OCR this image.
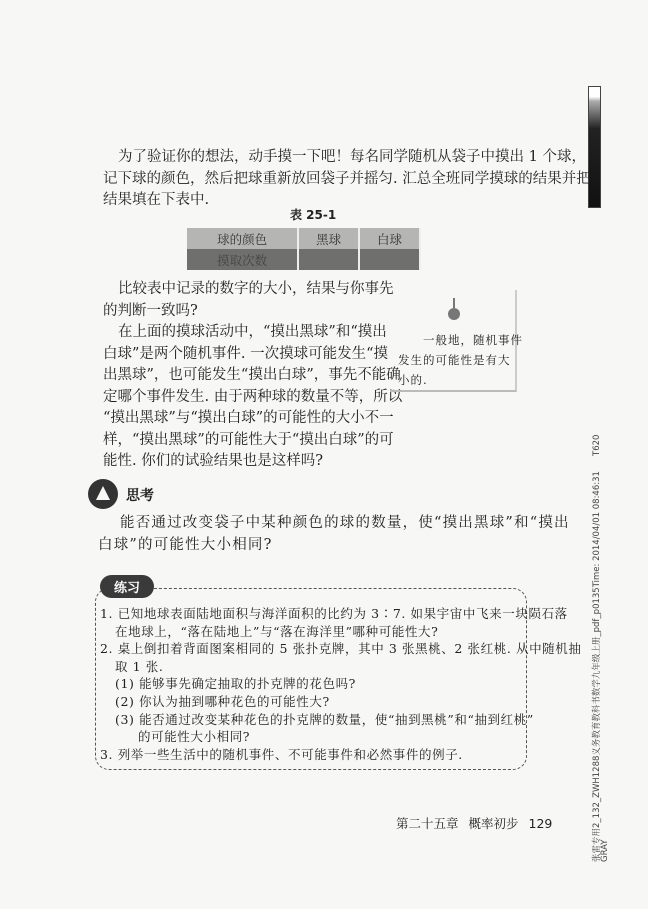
为了验证你的想法，动手摸一下吧！每名同学随机从袋子中摸出 1 个球，
记下球的颜色，然后把球重新放回袋子并摇匀. 汇总全班同学摸球的结果并把
结果填在下表中.
表 25-1
球的颜色	黑球	白球
摸取次数		
比较表中记录的数字的大小，结果与你事先
的判断一致吗?
在上面的摸球活动中，“摸出黑球”和“摸出
白球”是两个随机事件. 一次摸球可能发生“摸
出黑球”，也可能发生“摸出白球”，事先不能确
定哪个事件发生. 由于两种球的数量不等，所以
“摸出黑球”与“摸出白球”的可能性的大小不一
样，“摸出黑球”的可能性大于“摸出白球”的可
能性. 你们的试验结果也是这样吗?
　　一般地，随机事件
发生的可能性是有大
小的.
思考
能否通过改变袋子中某种颜色的球的数量，使“摸出黑球”和“摸出
白球”的可能性大小相同?
练习
1. 已知地球表面陆地面积与海洋面积的比约为 3∶7. 如果宇宙中飞来一块陨石落
在地球上，“落在陆地上”与“落在海洋里”哪种可能性大?
2. 桌上倒扣着背面图案相同的 5 张扑克牌，其中 3 张黑桃、2 张红桃. 从中随机抽
取 1 张.
(1) 能够事先确定抽取的扑克牌的花色吗?
(2) 你认为抽到哪种花色的可能性大?
(3) 能否通过改变某种花色的扑克牌的数量，使“抽到黑桃”和“抽到红桃”
的可能性大小相同?
3. 列举一些生活中的随机事件、不可能事件和必然事件的例子.
第二十五章 概率初步 129	张雷专用2_132_ZWH1288义务教育教科书数学九年级上册_pdf_p0135Time: 2014/04/01 08:46:31
GRAY
T620
